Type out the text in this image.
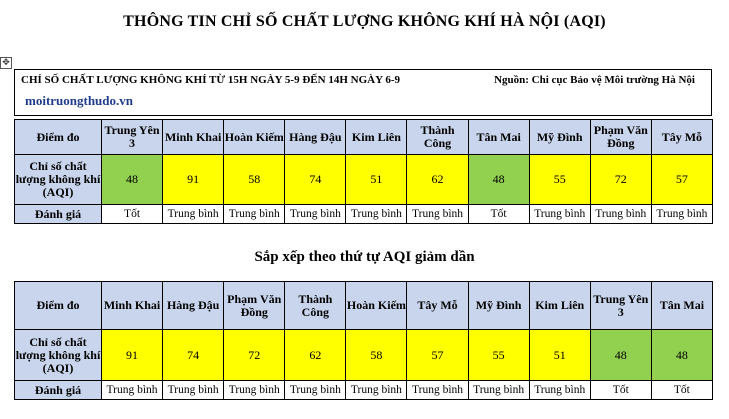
THÔNG TIN CHỈ SỐ CHẤT LƯỢNG KHÔNG KHÍ HÀ NỘI (AQI)
✥
CHỈ SỐ CHẤT LƯỢNG KHÔNG KHÍ TỪ 15H NGÀY 5-9 ĐẾN 14H NGÀY 6-9	Nguồn: Chi cục Bảo vệ Môi trường Hà Nội
moitruongthudo.vn
Điểm đo	Trung Yên 3	Minh Khai	Hoàn Kiếm	Hàng Đậu	Kim Liên	Thành Công	Tân Mai	Mỹ Đình	Phạm Văn Đồng	Tây Mỗ
Chỉ số chất lượng không khí (AQI)	48	91	58	74	51	62	48	55	72	57
Đánh giá	Tốt	Trung bình	Trung bình	Trung bình	Trung bình	Trung bình	Tốt	Trung bình	Trung bình	Trung bình
Sắp xếp theo thứ tự AQI giảm dần
Điểm đo	Minh Khai	Hàng Đậu	Phạm Văn Đồng	Thành Công	Hoàn Kiếm	Tây Mỗ	Mỹ Đình	Kim Liên	Trung Yên 3	Tân Mai
Chỉ số chất lượng không khí (AQI)	91	74	72	62	58	57	55	51	48	48
Đánh giá	Trung bình	Trung bình	Trung bình	Trung bình	Trung bình	Trung bình	Trung bình	Trung bình	Tốt	Tốt
